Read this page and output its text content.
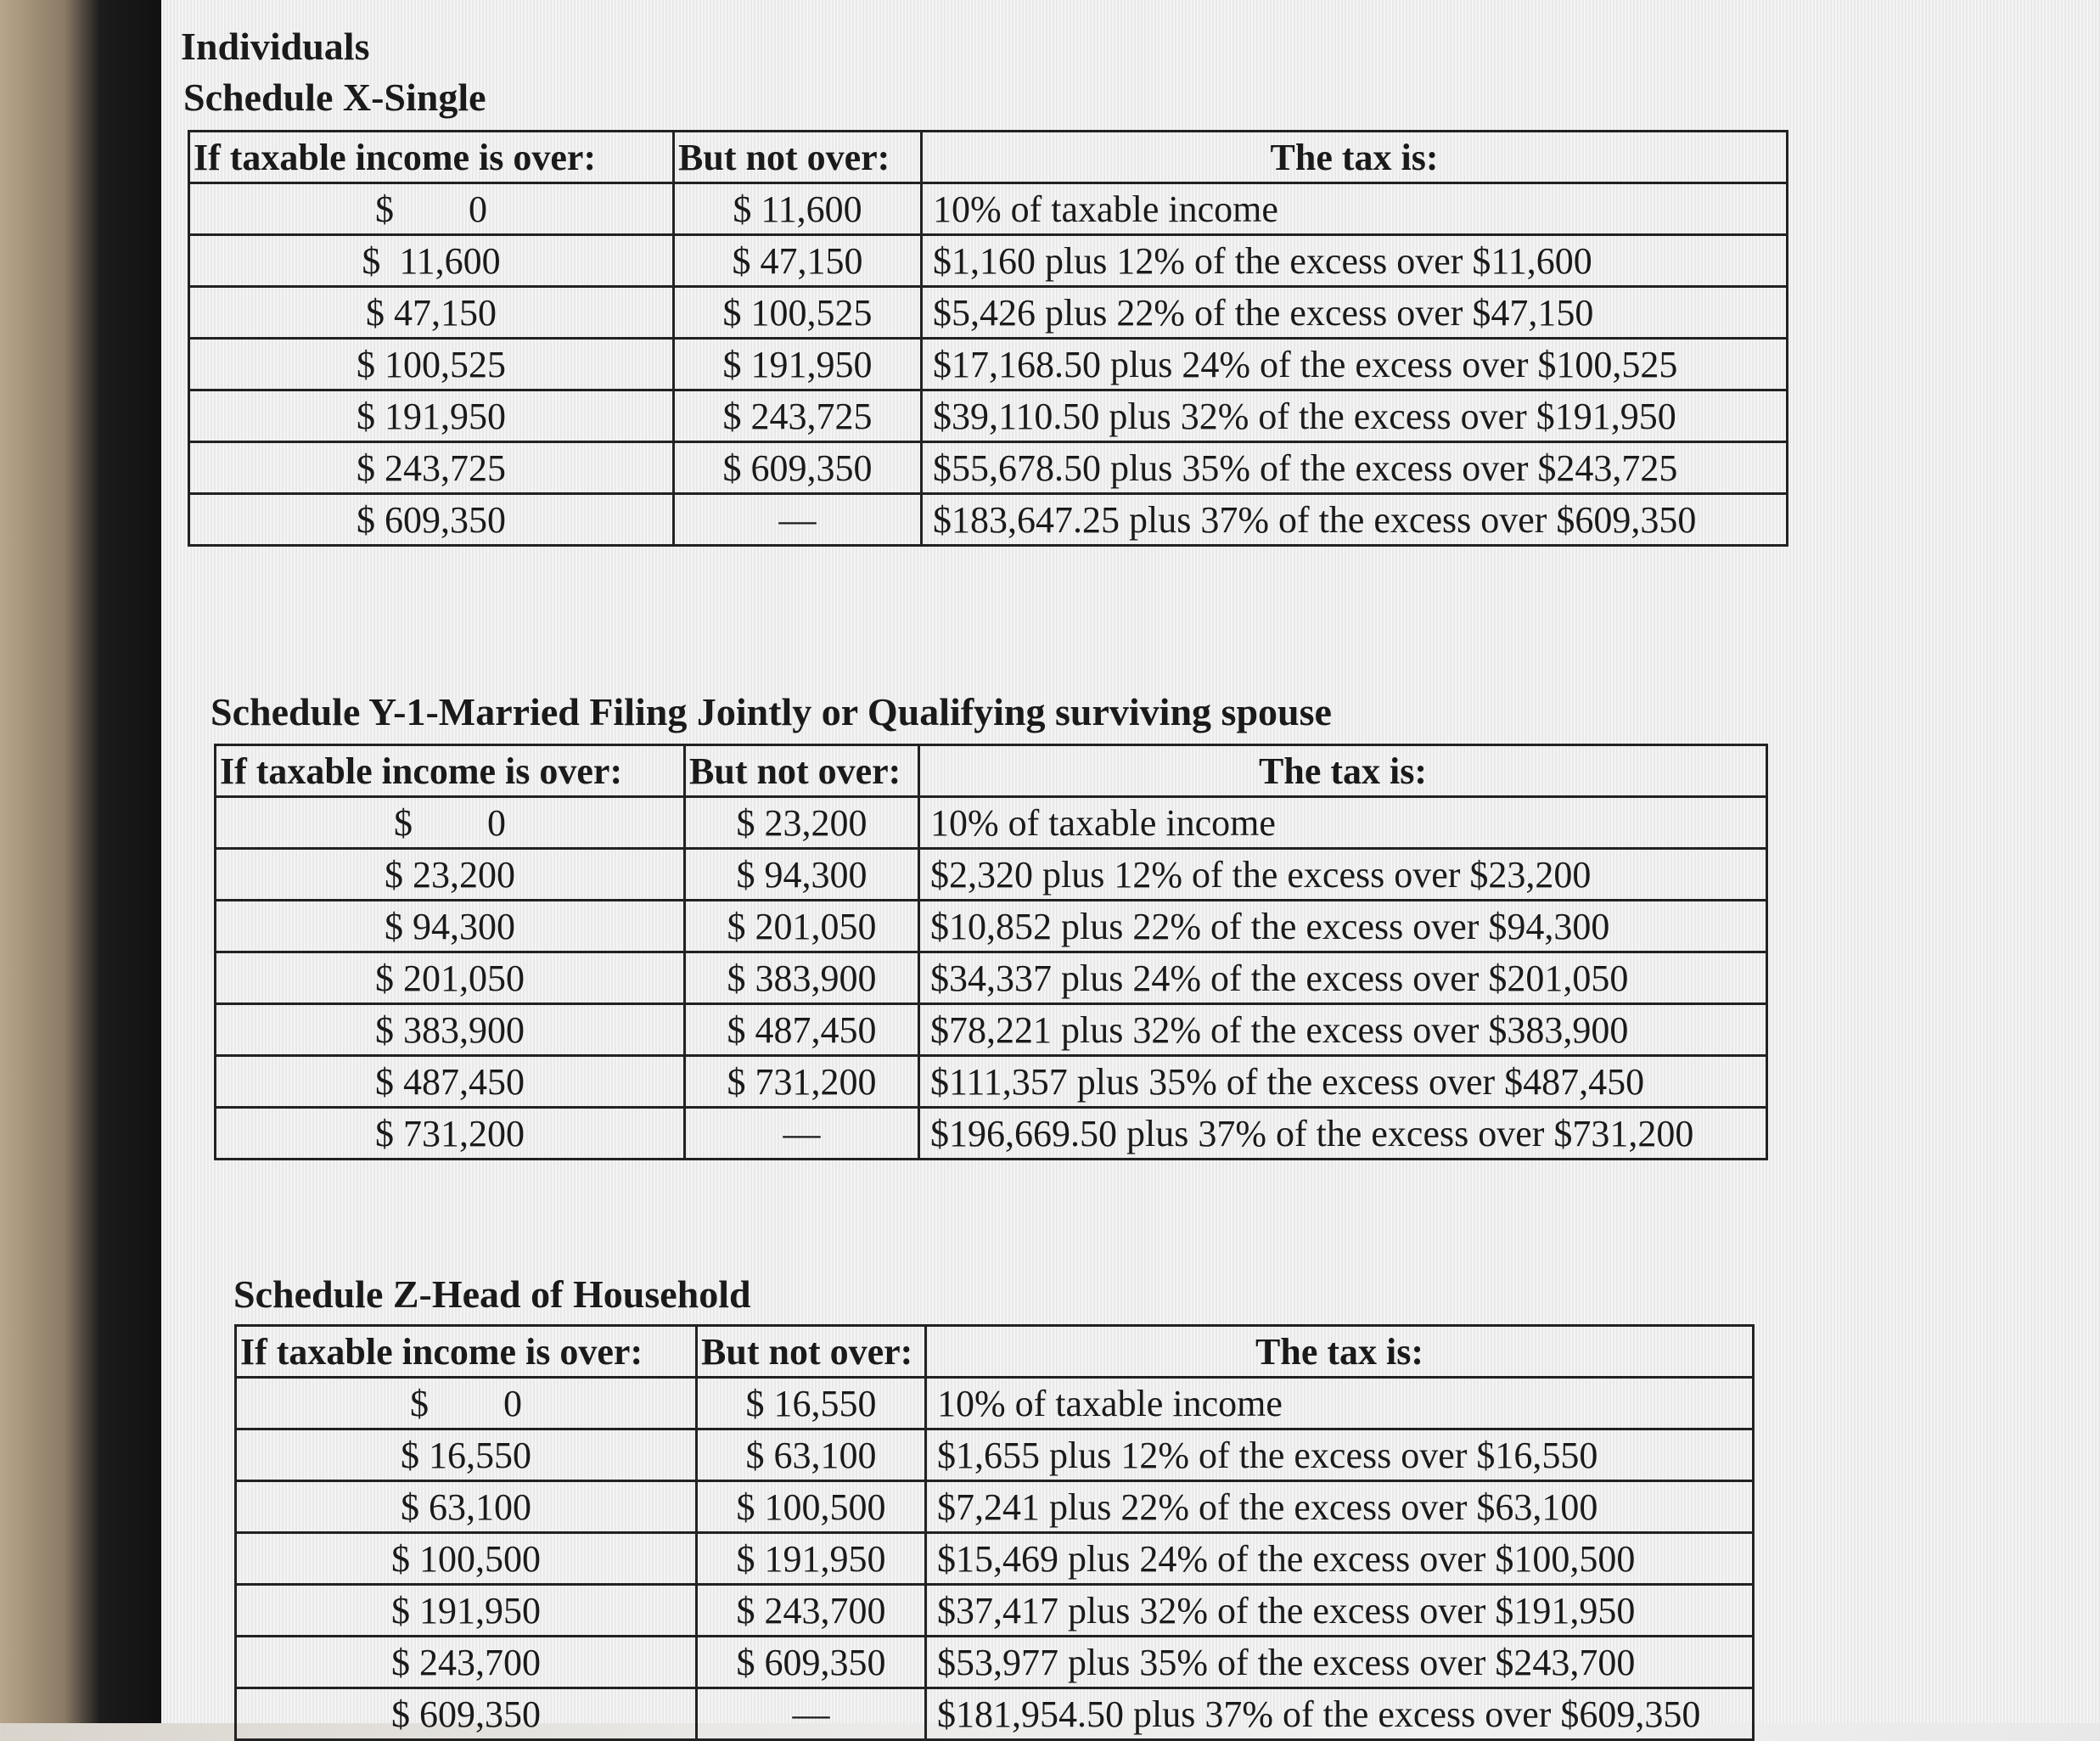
Individuals
Schedule X-Single
If taxable income is over:	But not over:	The tax is:
$        0	$ 11,600	10% of taxable income
$  11,600	$ 47,150	$1,160 plus 12% of the excess over $11,600
$ 47,150	$ 100,525	$5,426 plus 22% of the excess over $47,150
$ 100,525	$ 191,950	$17,168.50 plus 24% of the excess over $100,525
$ 191,950	$ 243,725	$39,110.50 plus 32% of the excess over $191,950
$ 243,725	$ 609,350	$55,678.50 plus 35% of the excess over $243,725
$ 609,350	—	$183,647.25 plus 37% of the excess over $609,350
Schedule Y-1-Married Filing Jointly or Qualifying surviving spouse
If taxable income is over:	But not over:	The tax is:
$        0	$ 23,200	10% of taxable income
$ 23,200	$ 94,300	$2,320 plus 12% of the excess over $23,200
$ 94,300	$ 201,050	$10,852 plus 22% of the excess over $94,300
$ 201,050	$ 383,900	$34,337 plus 24% of the excess over $201,050
$ 383,900	$ 487,450	$78,221 plus 32% of the excess over $383,900
$ 487,450	$ 731,200	$111,357 plus 35% of the excess over $487,450
$ 731,200	—	$196,669.50 plus 37% of the excess over $731,200
Schedule Z-Head of Household
If taxable income is over:	But not over:	The tax is:
$        0	$ 16,550	10% of taxable income
$ 16,550	$ 63,100	$1,655 plus 12% of the excess over $16,550
$ 63,100	$ 100,500	$7,241 plus 22% of the excess over $63,100
$ 100,500	$ 191,950	$15,469 plus 24% of the excess over $100,500
$ 191,950	$ 243,700	$37,417 plus 32% of the excess over $191,950
$ 243,700	$ 609,350	$53,977 plus 35% of the excess over $243,700
$ 609,350	—	$181,954.50 plus 37% of the excess over $609,350
